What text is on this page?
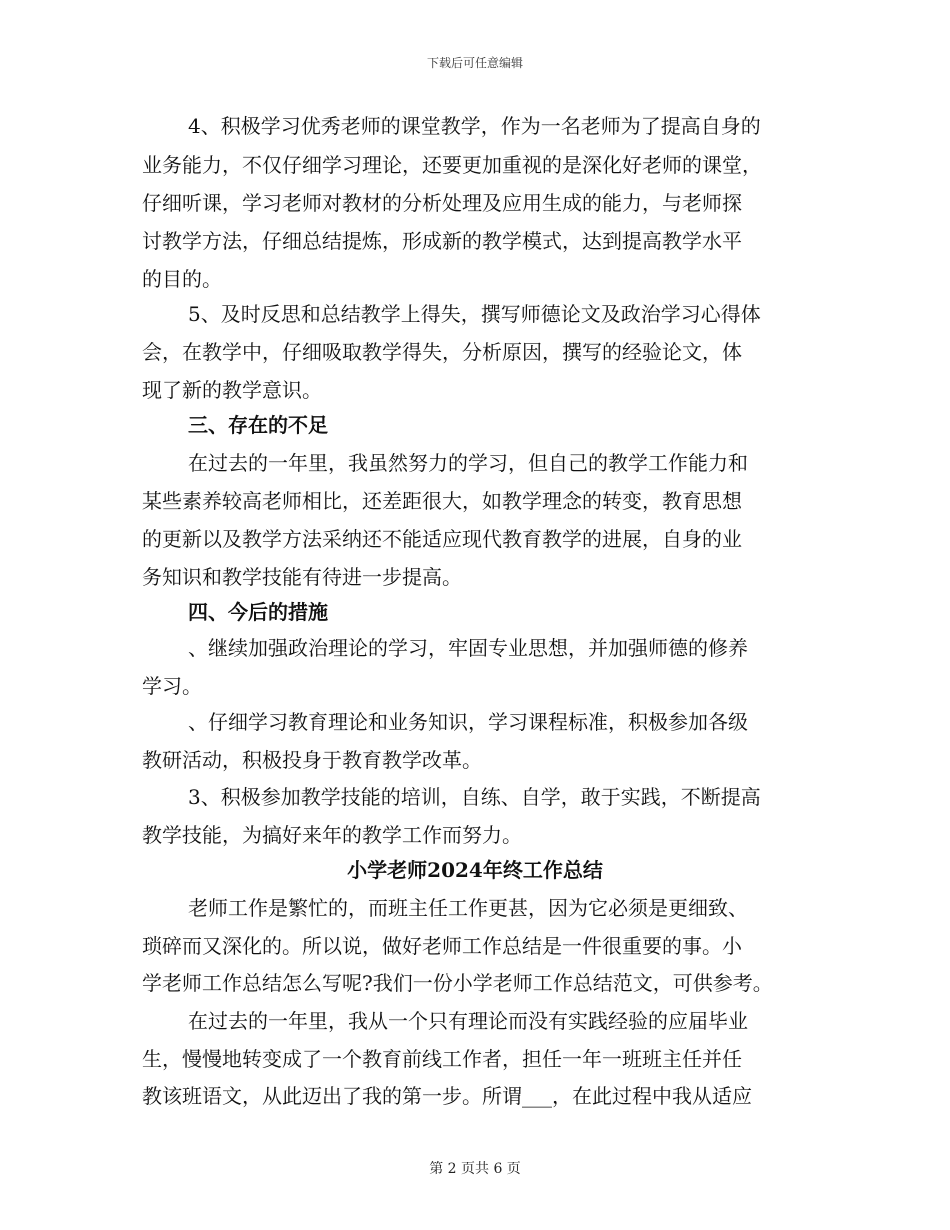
下载后可任意编辑
4、积极学习优秀老师的课堂教学，作为一名老师为了提高自身的
业务能力，不仅仔细学习理论，还要更加重视的是深化好老师的课堂，
仔细听课，学习老师对教材的分析处理及应用生成的能力，与老师探
讨教学方法，仔细总结提炼，形成新的教学模式，达到提高教学水平
的目的。
5、及时反思和总结教学上得失，撰写师德论文及政治学习心得体
会，在教学中，仔细吸取教学得失，分析原因，撰写的经验论文，体
现了新的教学意识。
三、存在的不足
在过去的一年里，我虽然努力的学习，但自己的教学工作能力和
某些素养较高老师相比，还差距很大，如教学理念的转变，教育思想
的更新以及教学方法采纳还不能适应现代教育教学的进展，自身的业
务知识和教学技能有待进一步提高。
四、今后的措施
、继续加强政治理论的学习，牢固专业思想，并加强师德的修养
学习。
、仔细学习教育理论和业务知识，学习课程标准，积极参加各级
教研活动，积极投身于教育教学改革。
3、积极参加教学技能的培训，自练、自学，敢于实践，不断提高
教学技能，为搞好来年的教学工作而努力。
小学老师2024年终工作总结
老师工作是繁忙的，而班主任工作更甚，因为它必须是更细致、
琐碎而又深化的。所以说，做好老师工作总结是一件很重要的事。小
学老师工作总结怎么写呢?我们一份小学老师工作总结范文，可供参考。
在过去的一年里，我从一个只有理论而没有实践经验的应届毕业
生，慢慢地转变成了一个教育前线工作者，担任一年一班班主任并任
教该班语文，从此迈出了我的第一步。所谓___，在此过程中我从适应
第 2 页共 6 页
